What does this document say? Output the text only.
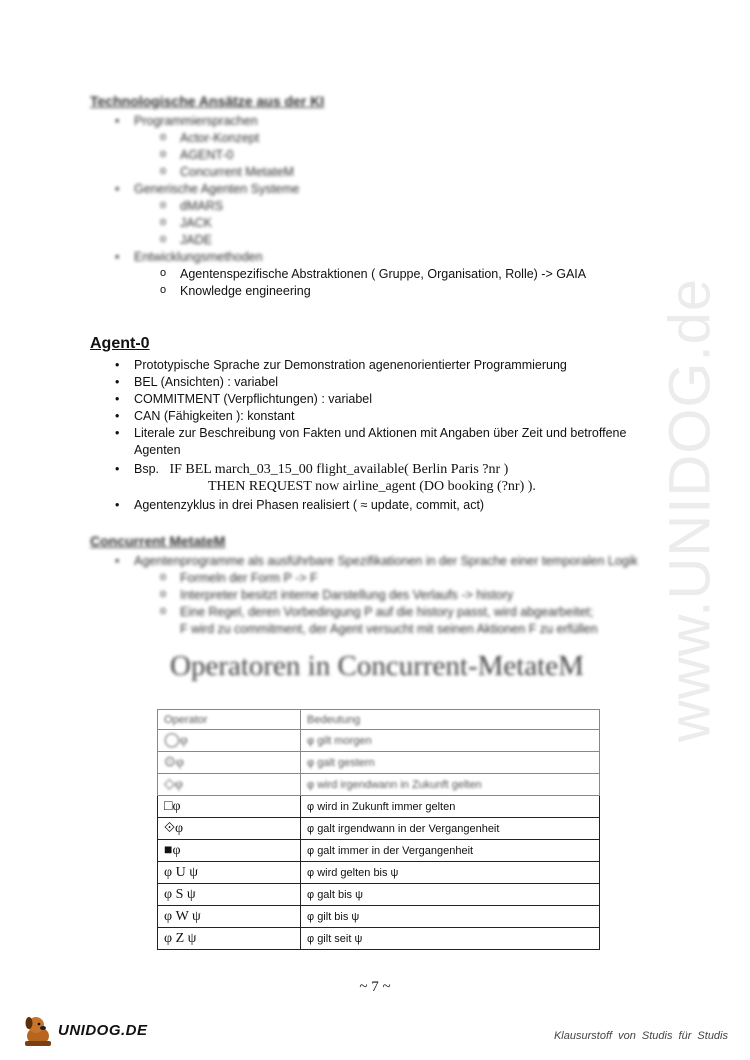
www.UNIDOG.de
Technologische Ansätze aus der KI
• Programmiersprachen
o Actor-Konzept
o AGENT-0
o Concurrent MetateM
• Generische Agenten Systeme
o dMARS
o JACK
o JADE
• Entwicklungsmethoden
o Agentenspezifische Abstraktionen ( Gruppe, Organisation, Rolle) -> GAIA
o Knowledge engineering
Agent-0
• Prototypische Sprache zur Demonstration agenenorientierter Programmierung
• BEL (Ansichten) : variabel
• COMMITMENT (Verpflichtungen) : variabel
• CAN (Fähigkeiten ): konstant
• Literale zur Beschreibung von Fakten und Aktionen mit Angaben über Zeit und betroffene Agenten
• Bsp. IF BEL march_03_15_00 flight_available( Berlin Paris ?nr )
THEN REQUEST now airline_agent (DO booking (?nr) ).
• Agentenzyklus in drei Phasen realisiert ( ≈ update, commit, act)
Concurrent MetateM
• Agentenprogramme als ausführbare Spezifikationen in der Sprache einer temporalen Logik
o Formeln der Form P -> F
o Interpreter besitzt interne Darstellung des Verlaufs -> history
o Eine Regel, deren Vorbedingung P auf die history passt, wird abgearbeitet;
F wird zu commitment, der Agent versucht mit seinen Aktionen F zu erfüllen
Operatoren in Concurrent-MetateM
Operator	Bedeutung
◯φ	φ gilt morgen
⊙φ	φ galt gestern
◇φ	φ wird irgendwann in Zukunft gelten
□φ	φ wird in Zukunft immer gelten
⟐φ	φ galt irgendwann in der Vergangenheit
■φ	φ galt immer in der Vergangenheit
φ U ψ	φ wird gelten bis ψ
φ S ψ	φ galt bis ψ
φ W ψ	φ gilt bis ψ
φ Z ψ	φ gilt seit ψ
~ 7 ~
UNIDOG.DE	Klausurstoff von Studis für Studis
